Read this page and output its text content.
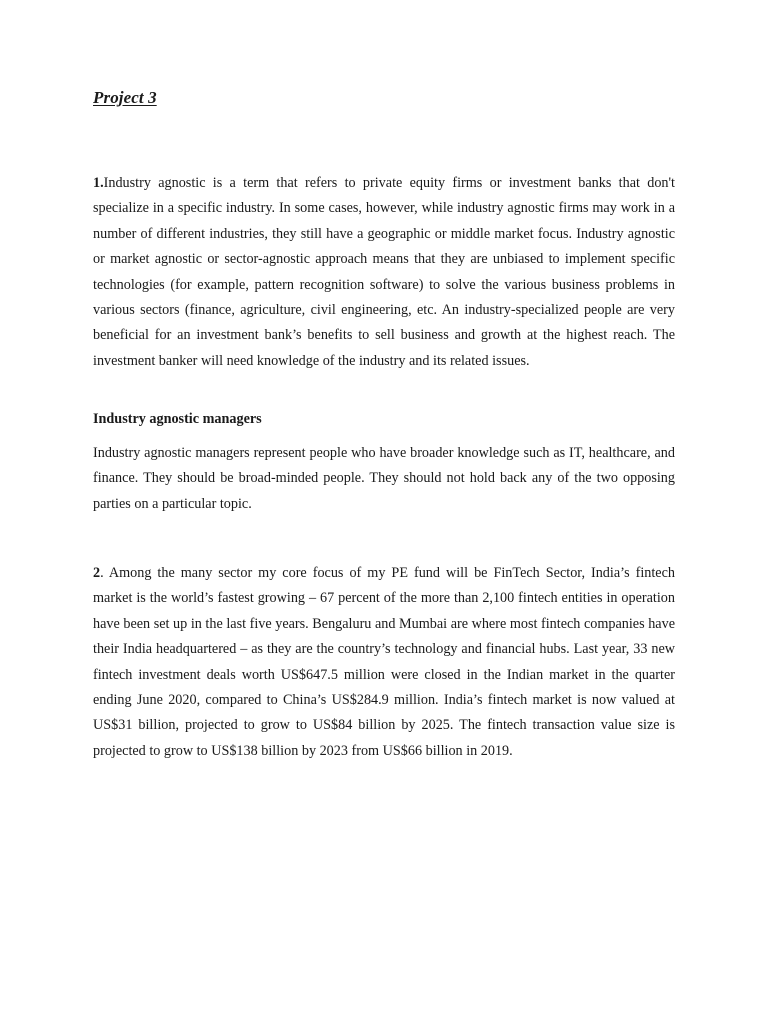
Project 3

1.Industry agnostic is a term that refers to private equity firms or investment banks that don't specialize in a specific industry. In some cases, however, while industry agnostic firms may work in a number of different industries, they still have a geographic or middle market focus. Industry agnostic or market agnostic or sector-agnostic approach means that they are unbiased to implement specific technologies (for example, pattern recognition software) to solve the various business problems in various sectors (finance, agriculture, civil engineering, etc. An industry-specialized people are very beneficial for an investment bank’s benefits to sell business and growth at the highest reach. The investment banker will need knowledge of the industry and its related issues.

Industry agnostic managers

Industry agnostic managers represent people who have broader knowledge such as IT, healthcare, and finance. They should be broad-minded people. They should not hold back any of the two opposing parties on a particular topic.

2. Among the many sector my core focus of my PE fund will be FinTech Sector, India’s fintech market is the world’s fastest growing – 67 percent of the more than 2,100 fintech entities in operation have been set up in the last five years. Bengaluru and Mumbai are where most fintech companies have their India headquartered – as they are the country’s technology and financial hubs. Last year, 33 new fintech investment deals worth US$647.5 million were closed in the Indian market in the quarter ending June 2020, compared to China’s US$284.9 million. India’s fintech market is now valued at US$31 billion, projected to grow to US$84 billion by 2025. The fintech transaction value size is projected to grow to US$138 billion by 2023 from US$66 billion in 2019.
